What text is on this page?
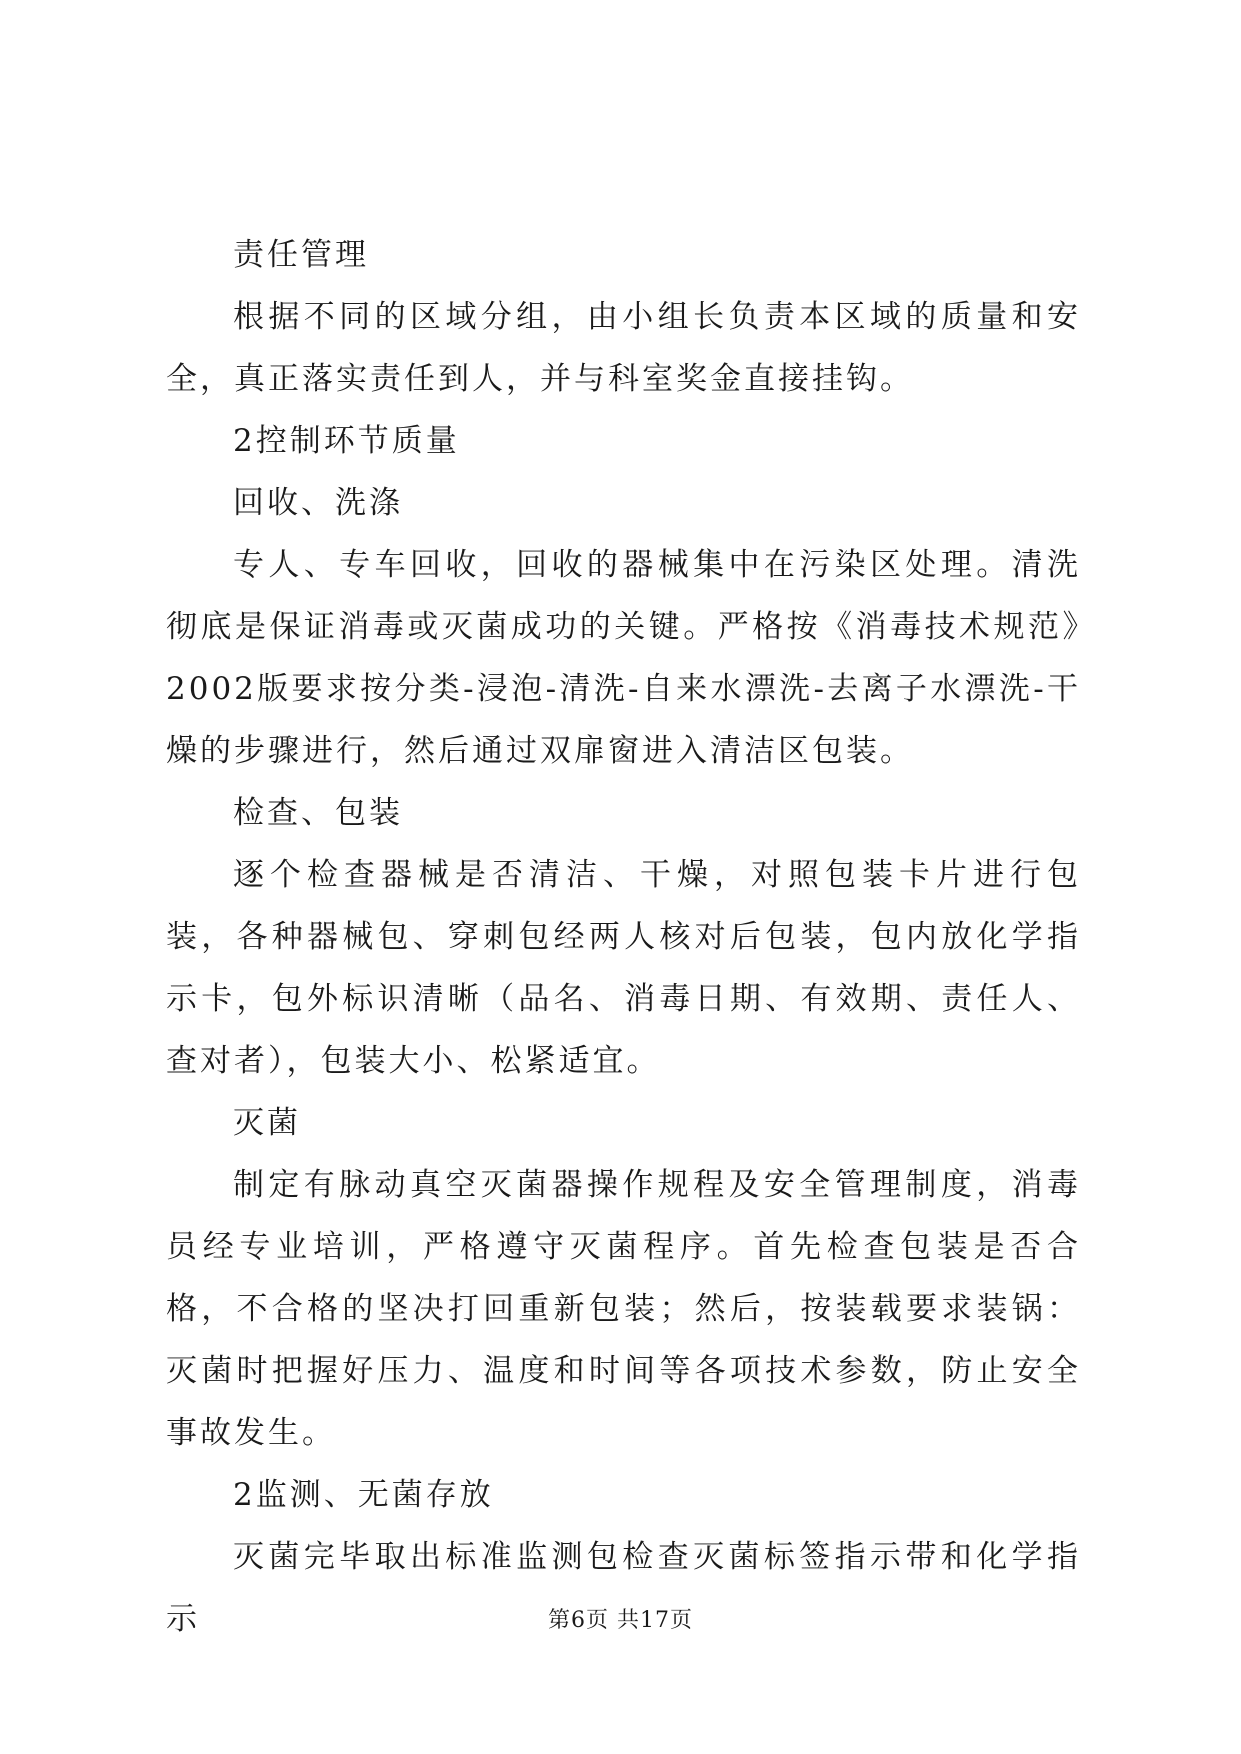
责任管理

根据不同的区域分组，由小组长负责本区域的质量和安全，真正落实责任到人，并与科室奖金直接挂钩。

2控制环节质量

回收、洗涤

专人、专车回收，回收的器械集中在污染区处理。清洗彻底是保证消毒或灭菌成功的关键。严格按《消毒技术规范》2002版要求按分类-浸泡-清洗-自来水漂洗-去离子水漂洗-干燥的步骤进行，然后通过双扉窗进入清洁区包装。

检查、包装

逐个检查器械是否清洁、干燥，对照包装卡片进行包装，各种器械包、穿刺包经两人核对后包装，包内放化学指示卡，包外标识清晰（品名、消毒日期、有效期、责任人、查对者），包装大小、松紧适宜。

灭菌

制定有脉动真空灭菌器操作规程及安全管理制度，消毒员经专业培训，严格遵守灭菌程序。首先检查包装是否合格，不合格的坚决打回重新包装；然后，按装载要求装锅：灭菌时把握好压力、温度和时间等各项技术参数，防止安全事故发生。

2监测、无菌存放

灭菌完毕取出标准监测包检查灭菌标签指示带和化学指示	第6页 共17页
